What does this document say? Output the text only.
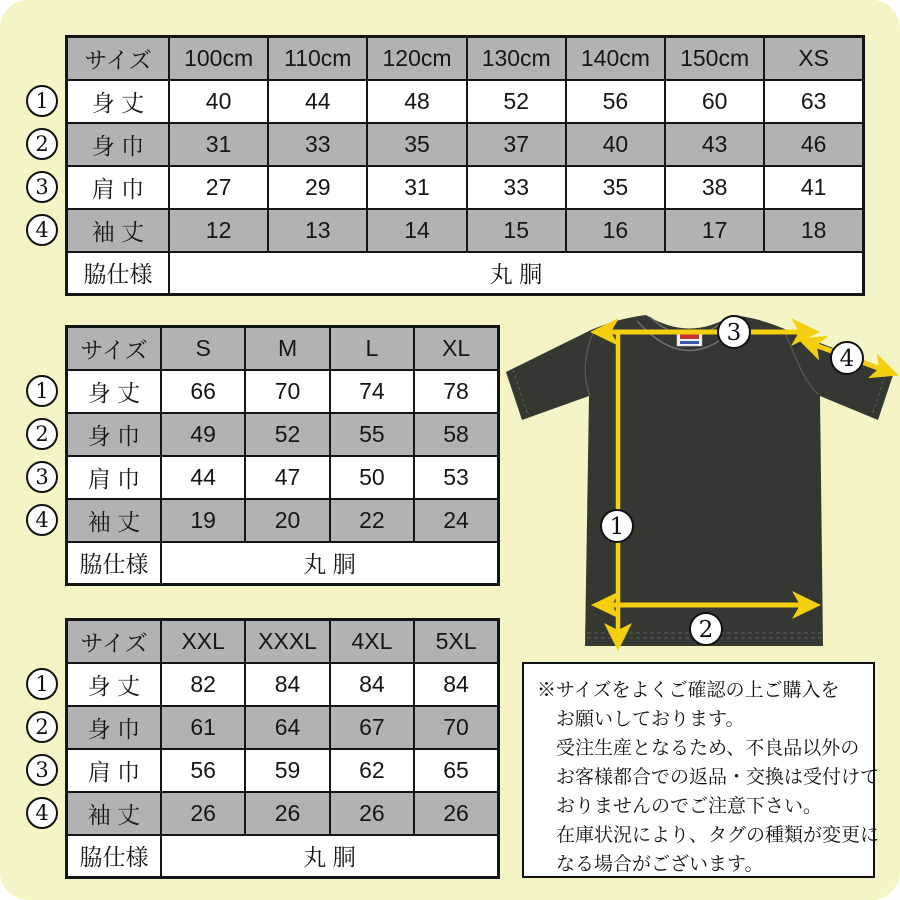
1
2
3
4
1
2
3
4
1
2
3
4
サイズ	100cm	110cm	120cm	130cm	140cm	150cm	XS
身 丈	40	44	48	52	56	60	63
身 巾	31	33	35	37	40	43	46
肩 巾	27	29	31	33	35	38	41
袖 丈	12	13	14	15	16	17	18
脇仕様	丸 胴						
サイズ	S	M	L	XL
身 丈	66	70	74	78
身 巾	49	52	55	58
肩 巾	44	47	50	53
袖 丈	19	20	22	24
脇仕様	丸 胴			
サイズ	XXL	XXXL	4XL	5XL
身 丈	82	84	84	84
身 巾	61	64	67	70
肩 巾	56	59	62	65
袖 丈	26	26	26	26
脇仕様	丸 胴			
3
4
1
2
※サイズをよくご確認の上ご購入を
お願いしております。
受注生産となるため、不良品以外の
お客様都合での返品・交換は受付けて
おりませんのでご注意下さい。
在庫状況により、タグの種類が変更に
なる場合がございます。
